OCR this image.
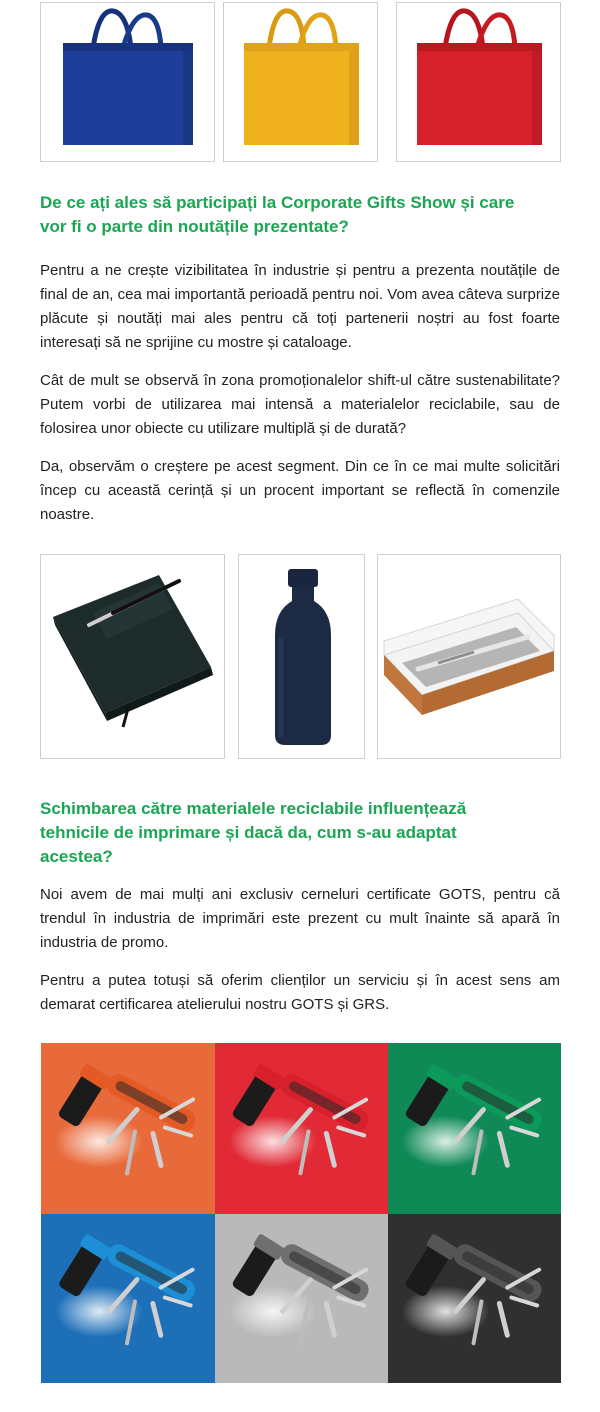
De ce ați ales să participați la Corporate Gifts Show și care vor fi o parte din noutățile prezentate?

Pentru a ne crește vizibilitatea în industrie și pentru a prezenta noutățile de final de an, cea mai importantă perioadă pentru noi. Vom avea câteva surprize plăcute și noutăți mai ales pentru că toți partenerii noștri au fost foarte interesați să ne sprijine cu mostre și cataloage.

Cât de mult se observă în zona promoționalelor shift-ul către sustenabilitate? Putem vorbi de utilizarea mai intensă a materialelor reciclabile, sau de folosirea unor obiecte cu utilizare multiplă și de durată?

Da, observăm o creștere pe acest segment. Din ce în ce mai multe solicitări încep cu această cerință și un procent important se reflectă în comenzile noastre.

Schimbarea către materialele reciclabile influențează tehnicile de imprimare și dacă da, cum s-au adaptat acestea?

Noi avem de mai mulți ani exclusiv cerneluri certificate GOTS, pentru că trendul în industria de imprimări este prezent cu mult înainte să apară în industria de promo.

Pentru a putea totuși să oferim clienților un serviciu și în acest sens am demarat certificarea atelierului nostru GOTS și GRS.
